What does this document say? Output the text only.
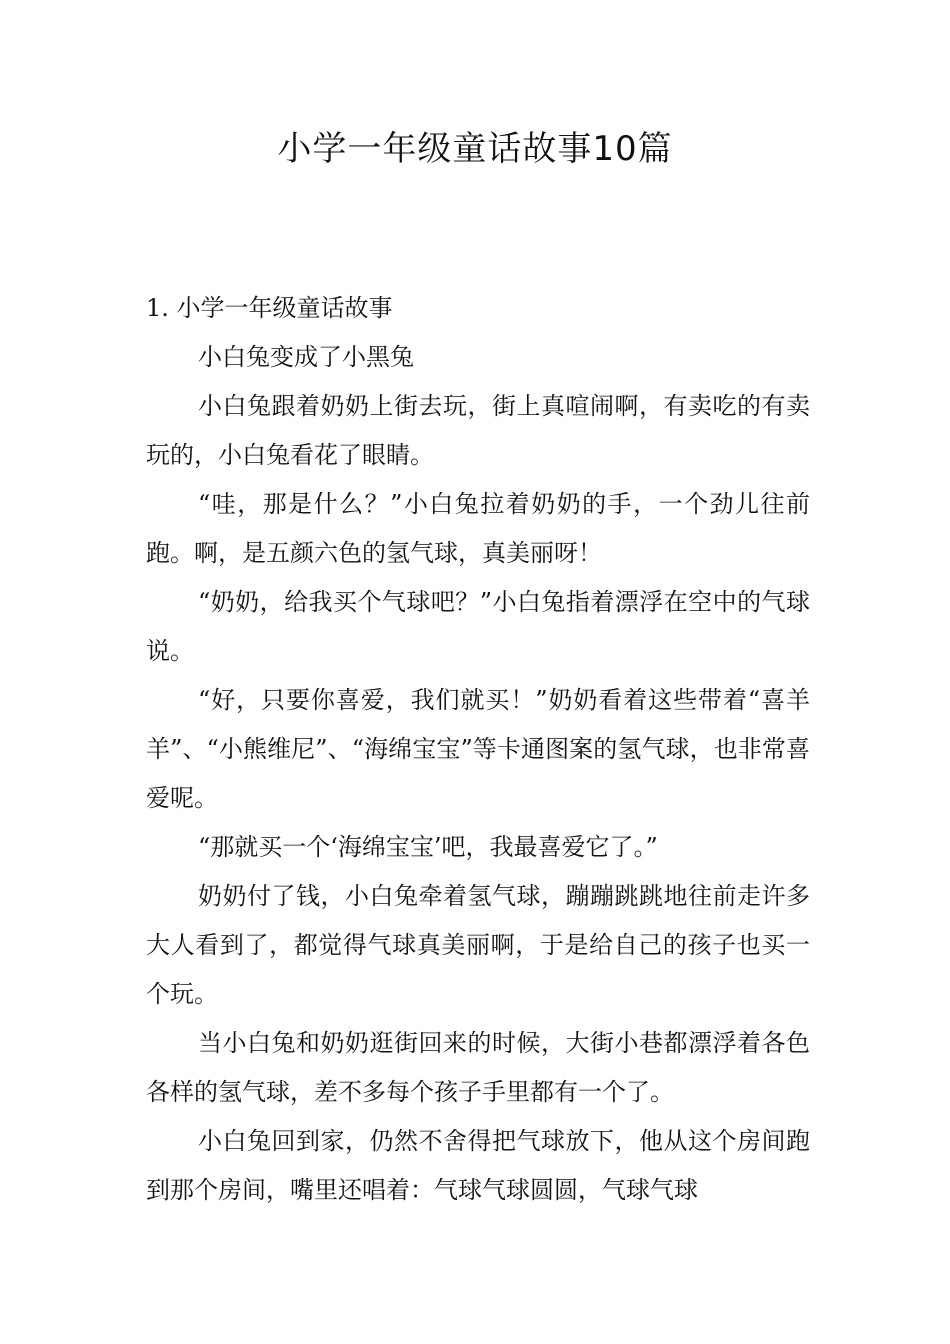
小学一年级童话故事10篇

1. 小学一年级童话故事

小白兔变成了小黑兔

小白兔跟着奶奶上街去玩，街上真喧闹啊，有卖吃的有卖玩的，小白兔看花了眼睛。

“哇，那是什么？”小白兔拉着奶奶的手，一个劲儿往前跑。啊，是五颜六色的氢气球，真美丽呀！

“奶奶，给我买个气球吧？”小白兔指着漂浮在空中的气球说。

“好，只要你喜爱，我们就买！”奶奶看着这些带着“喜羊羊”、“小熊维尼”、“海绵宝宝”等卡通图案的氢气球，也非常喜爱呢。

“那就买一个‘海绵宝宝’吧，我最喜爱它了。”

奶奶付了钱，小白兔牵着氢气球，蹦蹦跳跳地往前走许多大人看到了，都觉得气球真美丽啊，于是给自己的孩子也买一个玩。

当小白兔和奶奶逛街回来的时候，大街小巷都漂浮着各色各样的氢气球，差不多每个孩子手里都有一个了。

小白兔回到家，仍然不舍得把气球放下，他从这个房间跑到那个房间，嘴里还唱着：气球气球圆圆，气球气球
